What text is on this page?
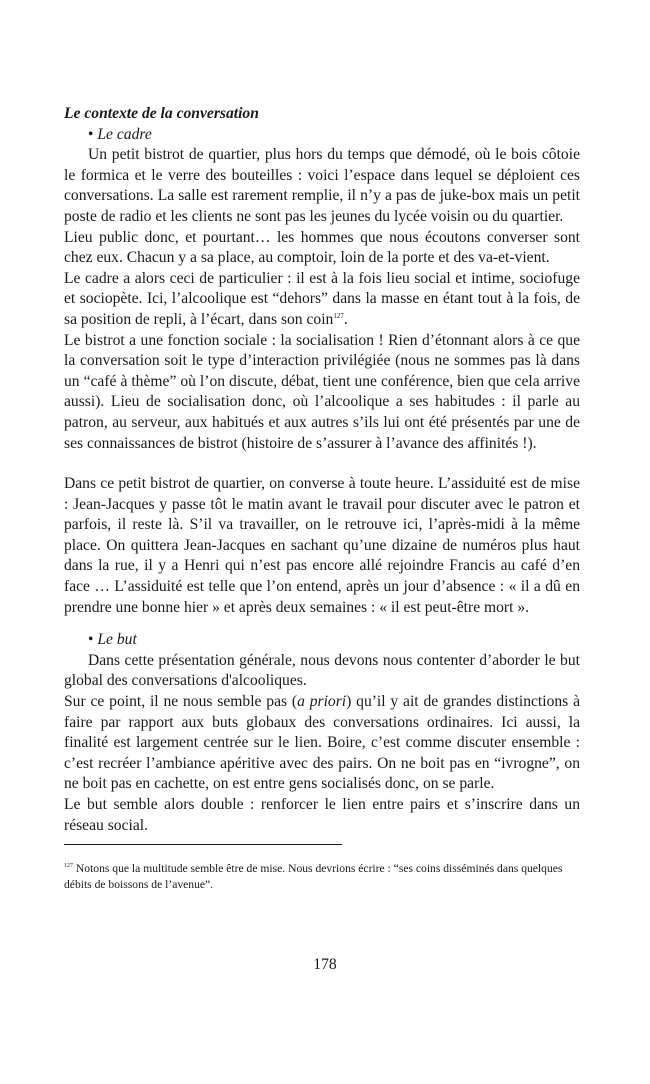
Le contexte de la conversation

• Le cadre

Un petit bistrot de quartier, plus hors du temps que démodé, où le bois côtoie le formica et le verre des bouteilles : voici l’espace dans lequel se déploient ces conversations. La salle est rarement remplie, il n’y a pas de juke-box mais un petit poste de radio et les clients ne sont pas les jeunes du lycée voisin ou du quartier.

Lieu public donc, et pourtant… les hommes que nous écoutons converser sont chez eux. Chacun y a sa place, au comptoir, loin de la porte et des va-et-vient.

Le cadre a alors ceci de particulier : il est à la fois lieu social et intime, sociofuge et sociopète. Ici, l’alcoolique est “dehors” dans la masse en étant tout à la fois, de sa position de repli, à l’écart, dans son coin$^{127}$.

Le bistrot a une fonction sociale : la socialisation ! Rien d’étonnant alors à ce que la conversation soit le type d’interaction privilégiée (nous ne sommes pas là dans un “café à thème” où l’on discute, débat, tient une conférence, bien que cela arrive aussi). Lieu de socialisation donc, où l’alcoolique a ses habitudes : il parle au patron, au serveur, aux habitués et aux autres s’ils lui ont été présentés par une de ses connaissances de bistrot (histoire de s’assurer à l’avance des affinités !).

Dans ce petit bistrot de quartier, on converse à toute heure. L’assiduité est de mise : Jean-Jacques y passe tôt le matin avant le travail pour discuter avec le patron et parfois, il reste là. S’il va travailler, on le retrouve ici, l’après-midi à la même place. On quittera Jean-Jacques en sachant qu’une dizaine de numéros plus haut dans la rue, il y a Henri qui n’est pas encore allé rejoindre Francis au café d’en face … L’assiduité est telle que l’on entend, après un jour d’absence : « il a dû en prendre une bonne hier » et après deux semaines : « il est peut-être mort ».

• Le but

Dans cette présentation générale, nous devons nous contenter d’aborder le but global des conversations d'alcooliques.

Sur ce point, il ne nous semble pas (a priori) qu’il y ait de grandes distinctions à faire par rapport aux buts globaux des conversations ordinaires. Ici aussi, la finalité est largement centrée sur le lien. Boire, c’est comme discuter ensemble : c’est recréer l’ambiance apéritive avec des pairs. On ne boit pas en “ivrogne”, on ne boit pas en cachette, on est entre gens socialisés donc, on se parle.

Le but semble alors double : renforcer le lien entre pairs et s’inscrire dans un réseau social.

$^{127}$ Notons que la multitude semble être de mise. Nous devrions écrire : “ses coins disséminés dans quelques débits de boissons de l’avenue”.

178
